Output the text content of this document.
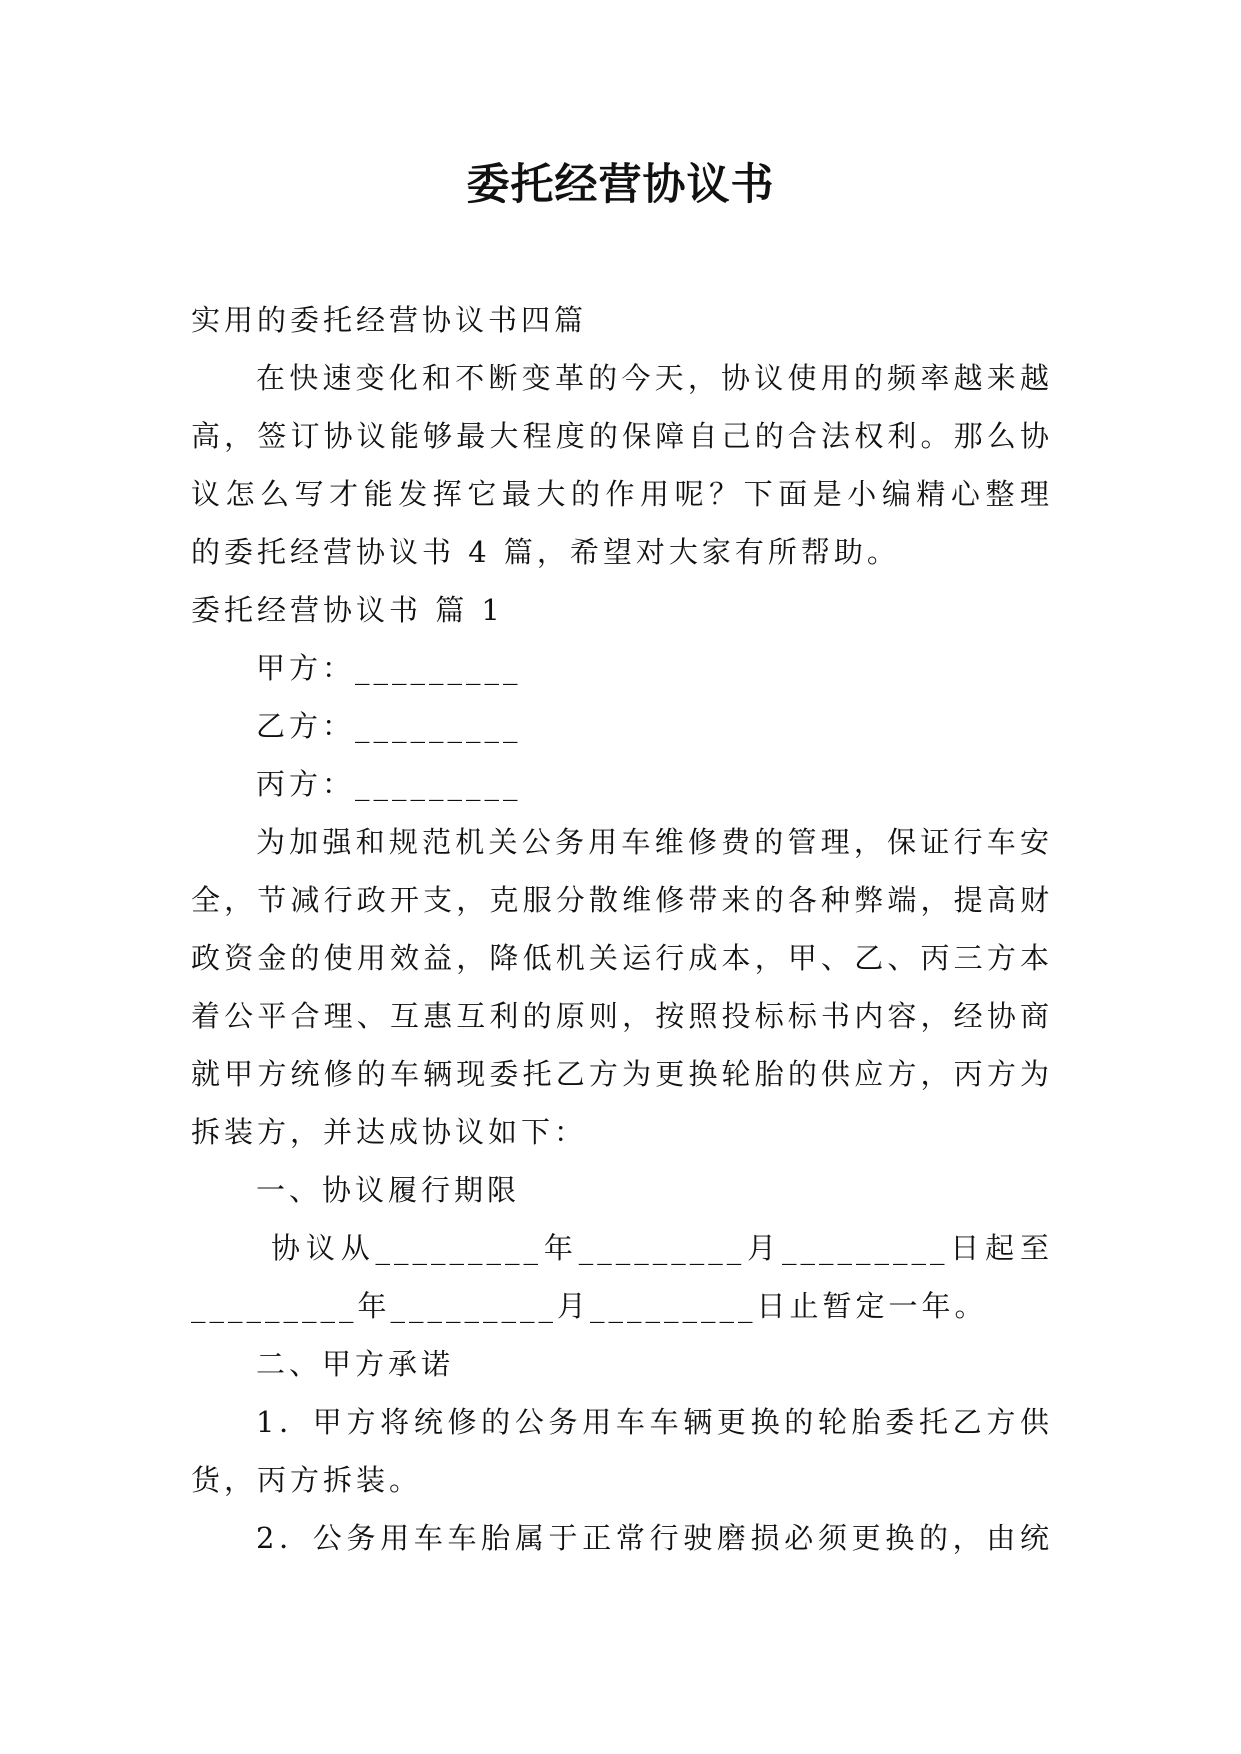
委托经营协议书
实用的委托经营协议书四篇
在快速变化和不断变革的今天，协议使用的频率越来越
高，签订协议能够最大程度的保障自己的合法权利。那么协
议怎么写才能发挥它最大的作用呢？下面是小编精心整理
的委托经营协议书 4 篇，希望对大家有所帮助。
委托经营协议书 篇 1
甲方：_________
乙方：_________
丙方：_________
为加强和规范机关公务用车维修费的管理，保证行车安
全，节减行政开支，克服分散维修带来的各种弊端，提高财
政资金的使用效益，降低机关运行成本，甲、乙、丙三方本
着公平合理、互惠互利的原则，按照投标标书内容，经协商
就甲方统修的车辆现委托乙方为更换轮胎的供应方，丙方为
拆装方，并达成协议如下：
一、协议履行期限
协议从_________年_________月_________日起至
_________年_________月_________日止暂定一年。
二、甲方承诺
1．甲方将统修的公务用车车辆更换的轮胎委托乙方供
货，丙方拆装。
2．公务用车车胎属于正常行驶磨损必须更换的，由统
